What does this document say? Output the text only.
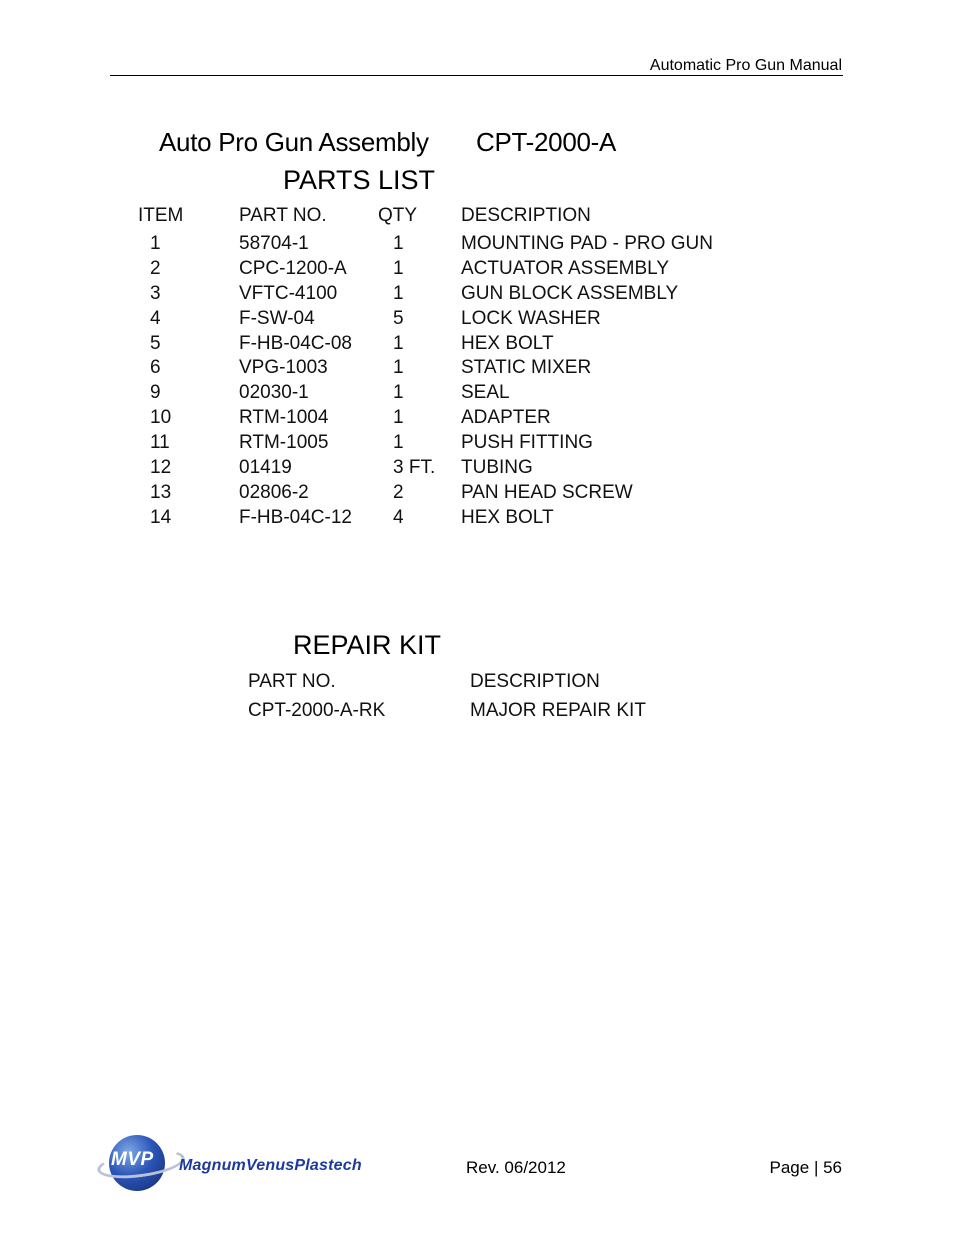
Automatic Pro Gun Manual
Auto Pro Gun Assembly CPT-2000-A
PARTS LIST
ITEM	PART NO.	QTY DESCRIPTION
1	58704-1	1	MOUNTING PAD - PRO GUN
2	CPC-1200-A 1	ACTUATOR ASSEMBLY
3	VFTC-4100	1	GUN BLOCK ASSEMBLY
4	F-SW-04	5	LOCK WASHER
5	F-HB-04C-08 1	HEX BOLT
6	VPG-1003	1	STATIC MIXER
9	02030-1	1	SEAL
10	RTM-1004	1	ADAPTER
11	RTM-1005	1	PUSH FITTING
12	01419	3 FT. TUBING
13	02806-2	2	PAN HEAD SCREW
14	F-HB-04C-12 4	HEX BOLT
REPAIR KIT
PART NO.	DESCRIPTION
CPT-2000-A-RK	MAJOR REPAIR KIT
MVP MagnumVenusPlastech	Rev. 06/2012	Page | 56
